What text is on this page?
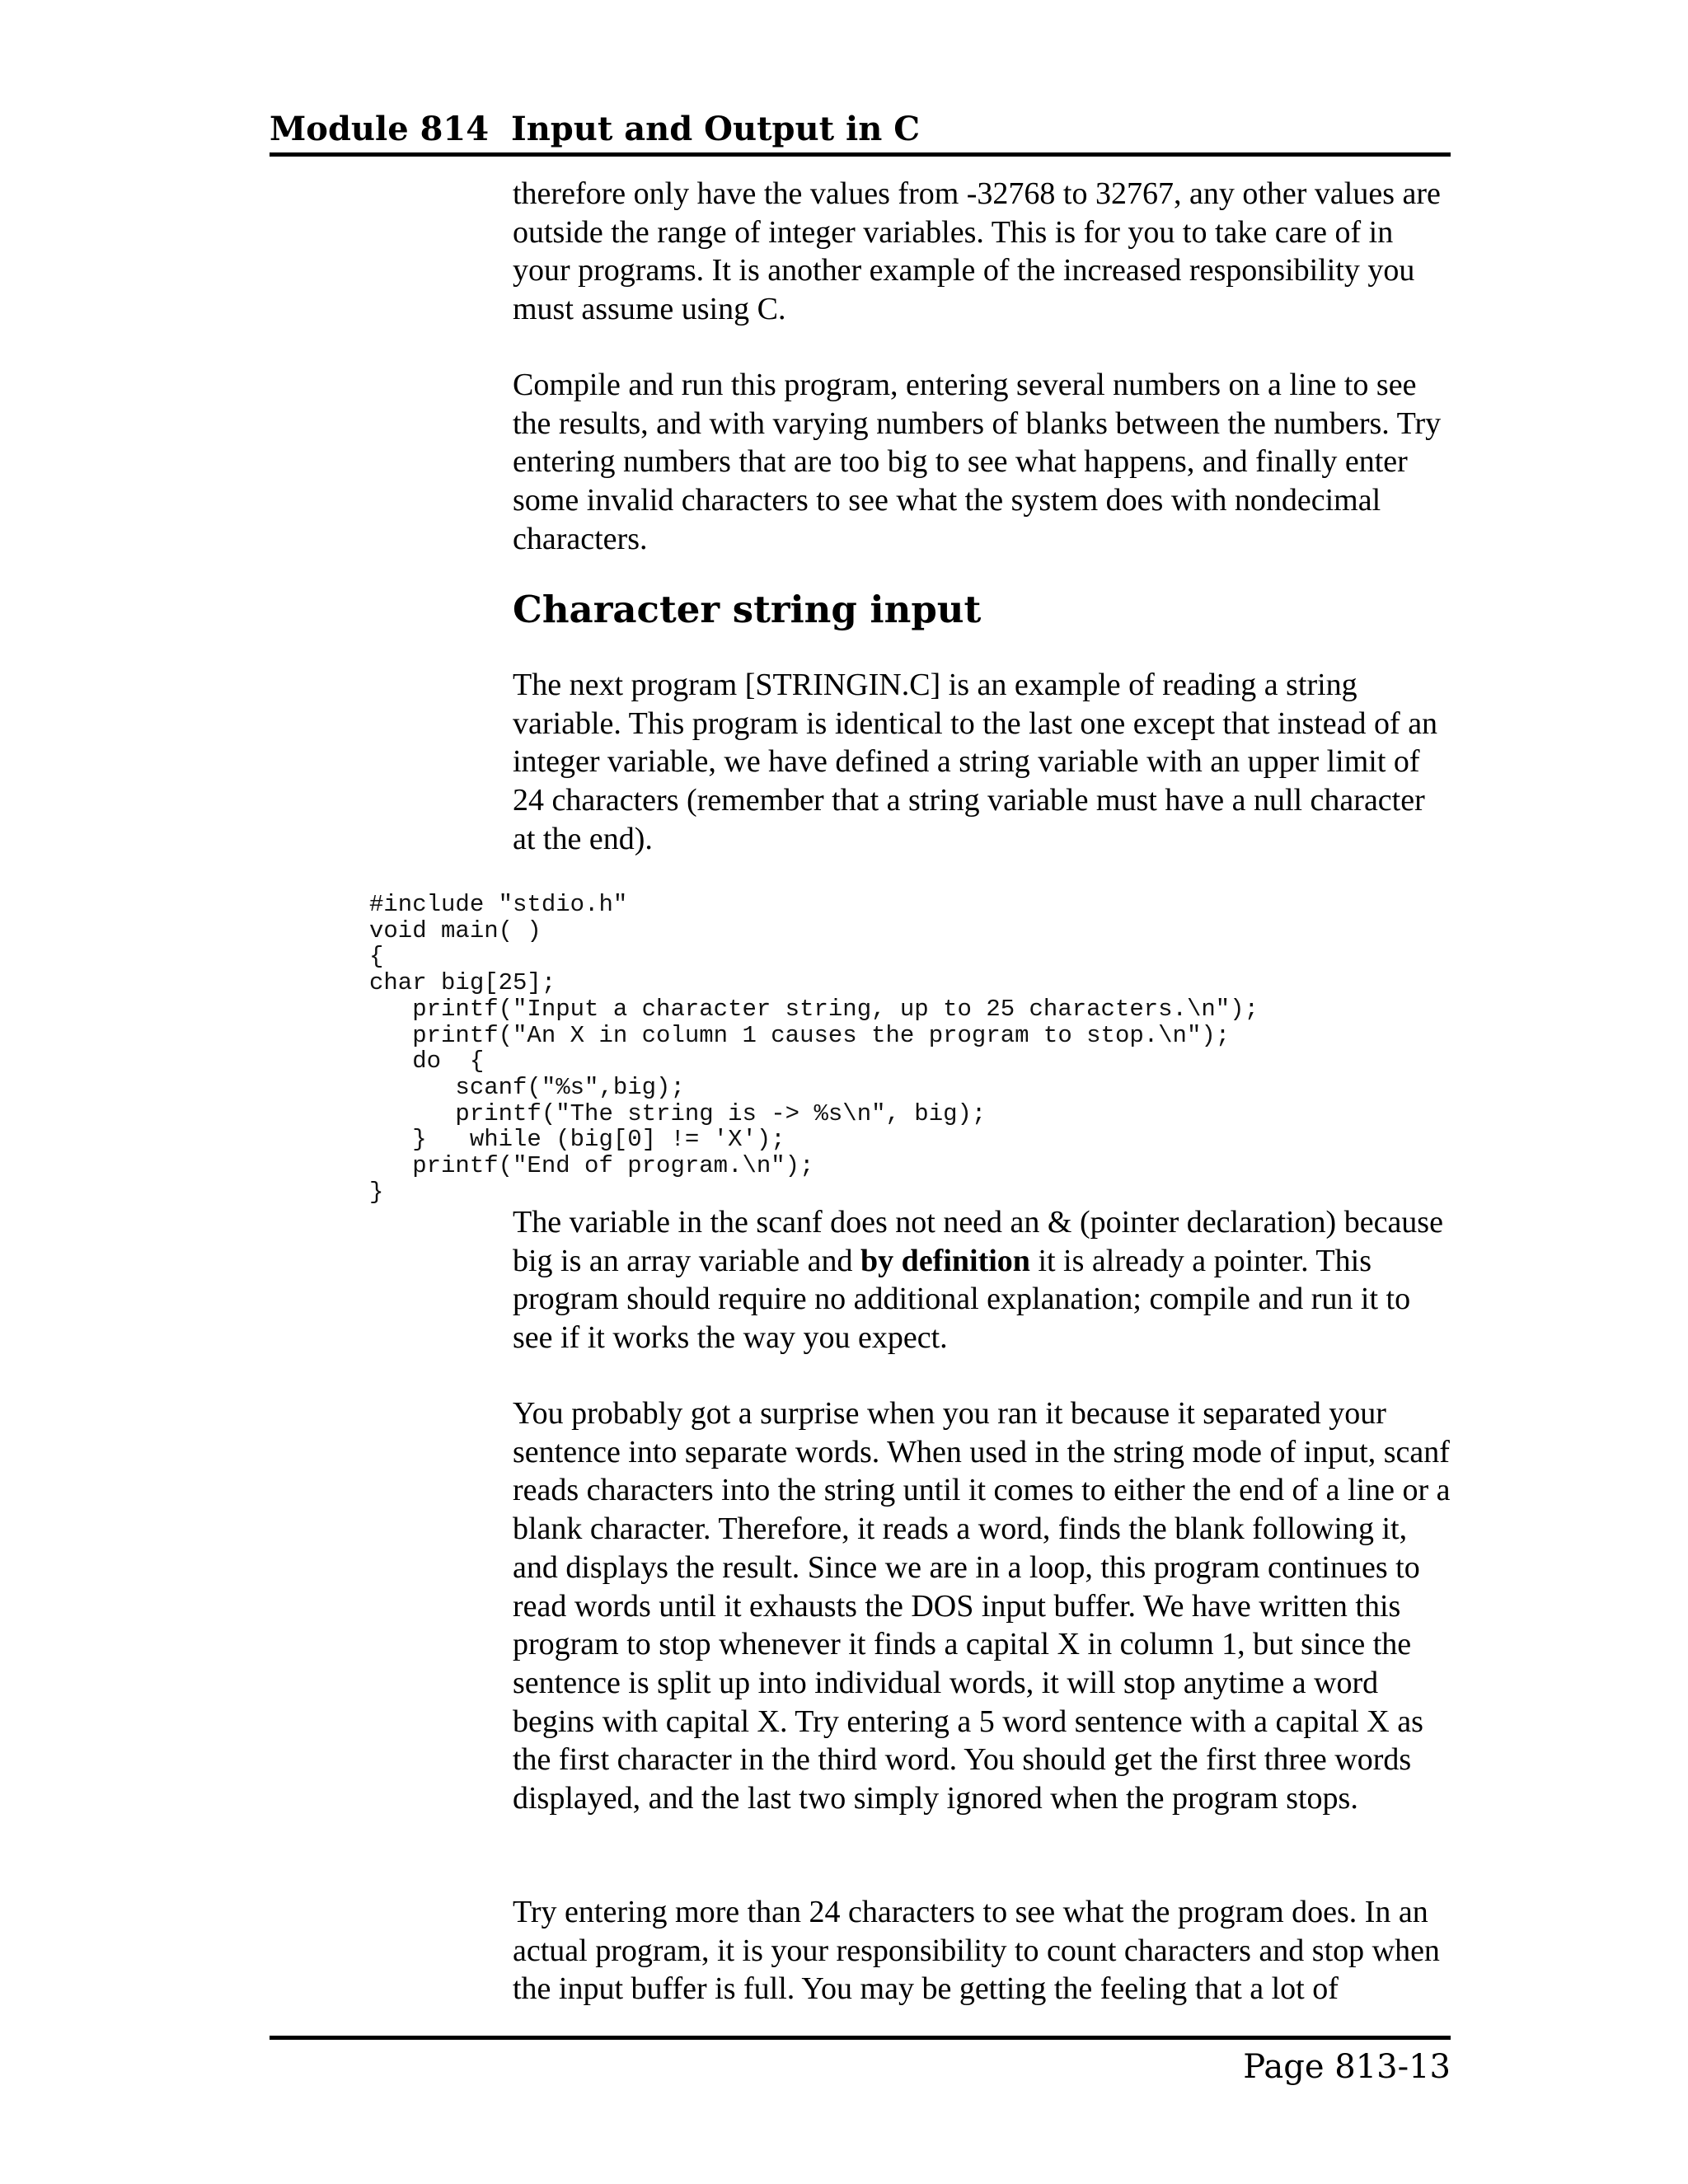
Module 814 Input and Output in C

therefore only have the values from -32768 to 32767, any other values are outside the range of integer variables. This is for you to take care of in your programs. It is another example of the increased responsibility you must assume using C.

Compile and run this program, entering several numbers on a line to see the results, and with varying numbers of blanks between the numbers. Try entering numbers that are too big to see what happens, and finally enter some invalid characters to see what the system does with nondecimal characters.

Character string input

The next program [STRINGIN.C] is an example of reading a string variable. This program is identical to the last one except that instead of an integer variable, we have defined a string variable with an upper limit of 24 characters (remember that a string variable must have a null character at the end).

#include "stdio.h"
void main( )
{
char big[25];
printf("Input a character string, up to 25 characters.\n");
printf("An X in column 1 causes the program to stop.\n");
do  {
scanf("%s",big);
printf("The string is -> %s\n", big);
}   while (big[0] != 'X');
printf("End of program.\n");
}

The variable in the scanf does not need an & (pointer declaration) because big is an array variable and by definition it is already a pointer. This program should require no additional explanation; compile and run it to see if it works the way you expect.

You probably got a surprise when you ran it because it separated your sentence into separate words. When used in the string mode of input, scanf reads characters into the string until it comes to either the end of a line or a blank character. Therefore, it reads a word, finds the blank following it, and displays the result. Since we are in a loop, this program continues to read words until it exhausts the DOS input buffer. We have written this program to stop whenever it finds a capital X in column 1, but since the sentence is split up into individual words, it will stop anytime a word begins with capital X. Try entering a 5 word sentence with a capital X as the first character in the third word. You should get the first three words displayed, and the last two simply ignored when the program stops.

Try entering more than 24 characters to see what the program does. In an actual program, it is your responsibility to count characters and stop when the input buffer is full. You may be getting the feeling that a lot of

Page 813-13
